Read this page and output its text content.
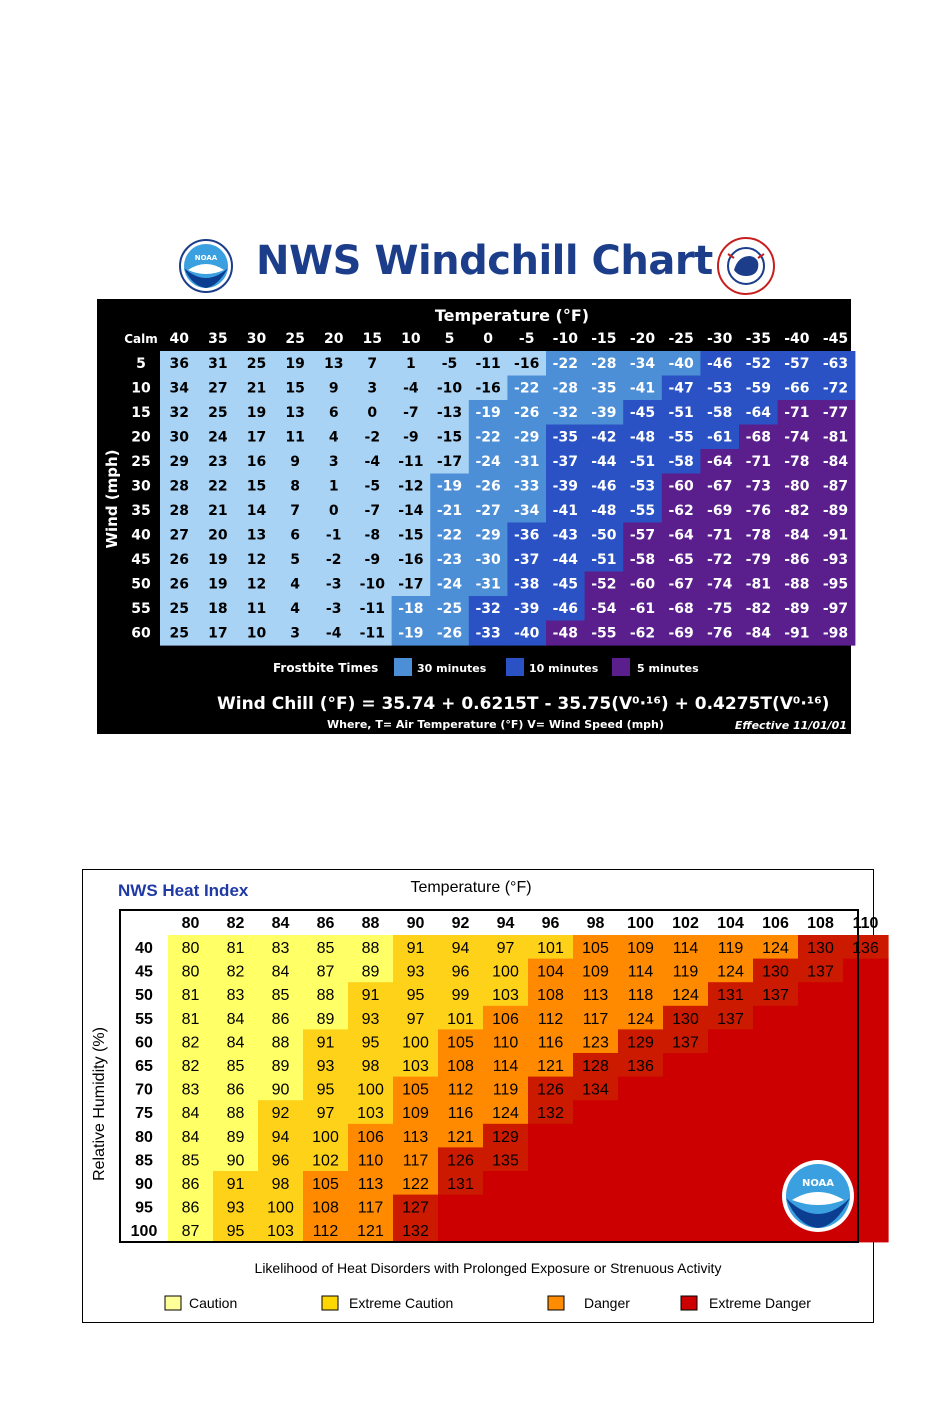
NOAA NWS Windchill Chart
40 35 30 25 20 15 10 5 0 -5 -10 -15 -20 -25 -30 -35 -40 -45
5 36 31 25 19 13 7 1 -5 -11 -16 -22 -28 -34 -40 -46 -52 -57 -63
10 34 27 21 15 9 3 -4 -10 -16 -22 -28 -35 -41 -47 -53 -59 -66 -72
15 32 25 19 13 6 0 -7 -13 -19 -26 -32 -39 -45 -51 -58 -64 -71 -77
20 30 24 17 11 4 -2 -9 -15 -22 -29 -35 -42 -48 -55 -61 -68 -74 -81
25 29 23 16 9 3 -4 -11 -17 -24 -31 -37 -44 -51 -58 -64 -71 -78 -84
30 28 22 15 8 1 -5 -12 -19 -26 -33 -39 -46 -53 -60 -67 -73 -80 -87
35 28 21 14 7 0 -7 -14 -21 -27 -34 -41 -48 -55 -62 -69 -76 -82 -89
40 27 20 13 6 -1 -8 -15 -22 -29 -36 -43 -50 -57 -64 -71 -78 -84 -91
45 26 19 12 5 -2 -9 -16 -23 -30 -37 -44 -51 -58 -65 -72 -79 -86 -93
50 26 19 12 4 -3 -10 -17 -24 -31 -38 -45 -52 -60 -67 -74 -81 -88 -95
55 25 18 11 4 -3 -11 -18 -25 -32 -39 -46 -54 -61 -68 -75 -82 -89 -97
60 25 17 10 3 -4 -11 -19 -26 -33 -40 -48 -55 -62 -69 -76 -84 -91 -98
Temperature (°F)
Calm
Wind (mph)
Frostbite Times	30 minutes	10 minutes	5 minutes
Wind Chill (°F) = 35.74 + 0.6215T - 35.75(V⁰·¹⁶) + 0.4275T(V⁰·¹⁶)
Where, T= Air Temperature (°F) V= Wind Speed (mph)	Effective 11/01/01
NWS Heat Index	Temperature (°F)
Relative Humidity (%)
80 82 84 86 88 90 92 94 96 98 100 102 104 106 108 110
40 80 81 83 85 88 91 94 97 101 105 109 114 119 124 130 136
45 80 82 84 87 89 93 96 100 104 109 114 119 124 130 137
50 81 83 85 88 91 95 99 103 108 113 118 124 131 137
55 81 84 86 89 93 97 101 106 112 117 124 130 137
60 82 84 88 91 95 100 105 110 116 123 129 137
65 82 85 89 93 98 103 108 114 121 128 136
70 83 86 90 95 100 105 112 119 126 134
75 84 88 92 97 103 109 116 124 132
80 84 89 94 100 106 113 121 129
85 85 90 96 102 110 117 126 135
90 86 91 98 105 113 122 131
95 86 93 100 108 117 127
100 87 95 103 112 121 132
NOAA
Likelihood of Heat Disorders with Prolonged Exposure or Strenuous Activity
Caution	Extreme Caution	Danger	Extreme Danger
